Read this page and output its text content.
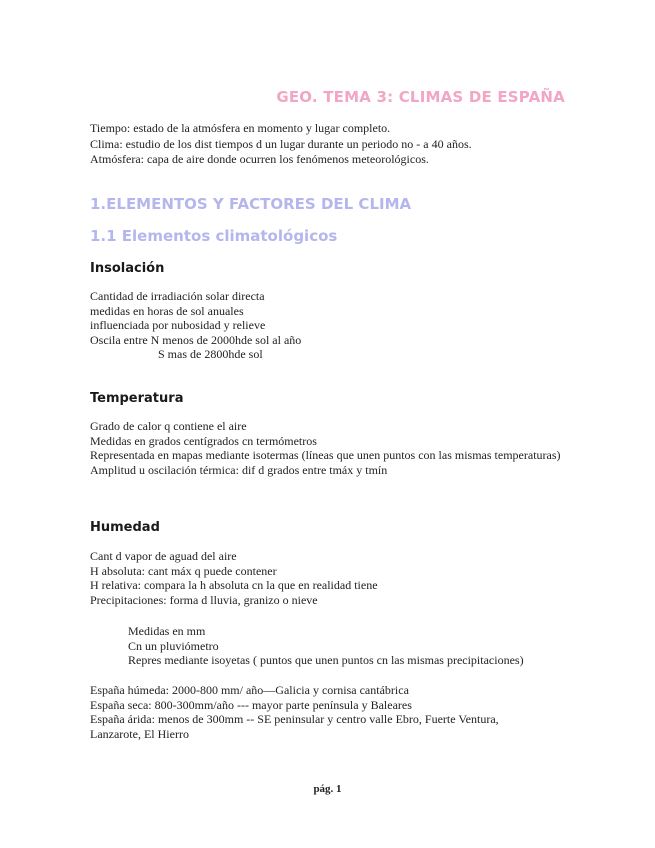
GEO. TEMA 3: CLIMAS DE ESPAÑA
Tiempo: estado de la atmósfera en momento y lugar completo.
Clima: estudio de los dist tiempos d un lugar durante un periodo no - a 40 años.
Atmósfera: capa de aire donde ocurren los fenómenos meteorológicos.
1.ELEMENTOS Y FACTORES DEL CLIMA
1.1 Elementos climatológicos
Insolación
Cantidad de irradiación solar directa
medidas en horas de sol anuales
influenciada por nubosidad y relieve
Oscila entre N menos de 2000hde sol al año
S mas de 2800hde sol
Temperatura
Grado de calor q contiene el aire
Medidas en grados centígrados cn termómetros
Representada en mapas mediante isotermas (líneas que unen puntos con las mismas temperaturas)
Amplitud u oscilación térmica: dif d grados entre tmáx y tmín
Humedad
Cant d vapor de aguad del aire
H absoluta: cant máx q puede contener
H relativa: compara la h absoluta cn la que en realidad tiene
Precipitaciones: forma d lluvia, granizo o nieve
Medidas en mm
Cn un pluviómetro
Repres mediante isoyetas ( puntos que unen puntos cn las mismas precipitaciones)
España húmeda: 2000-800 mm/ año—Galicia y cornisa cantábrica
España seca: 800-300mm/año --- mayor parte península y Baleares
España árida: menos de 300mm -- SE peninsular y centro valle Ebro, Fuerte Ventura, Lanzarote, El Hierro
pág. 1
